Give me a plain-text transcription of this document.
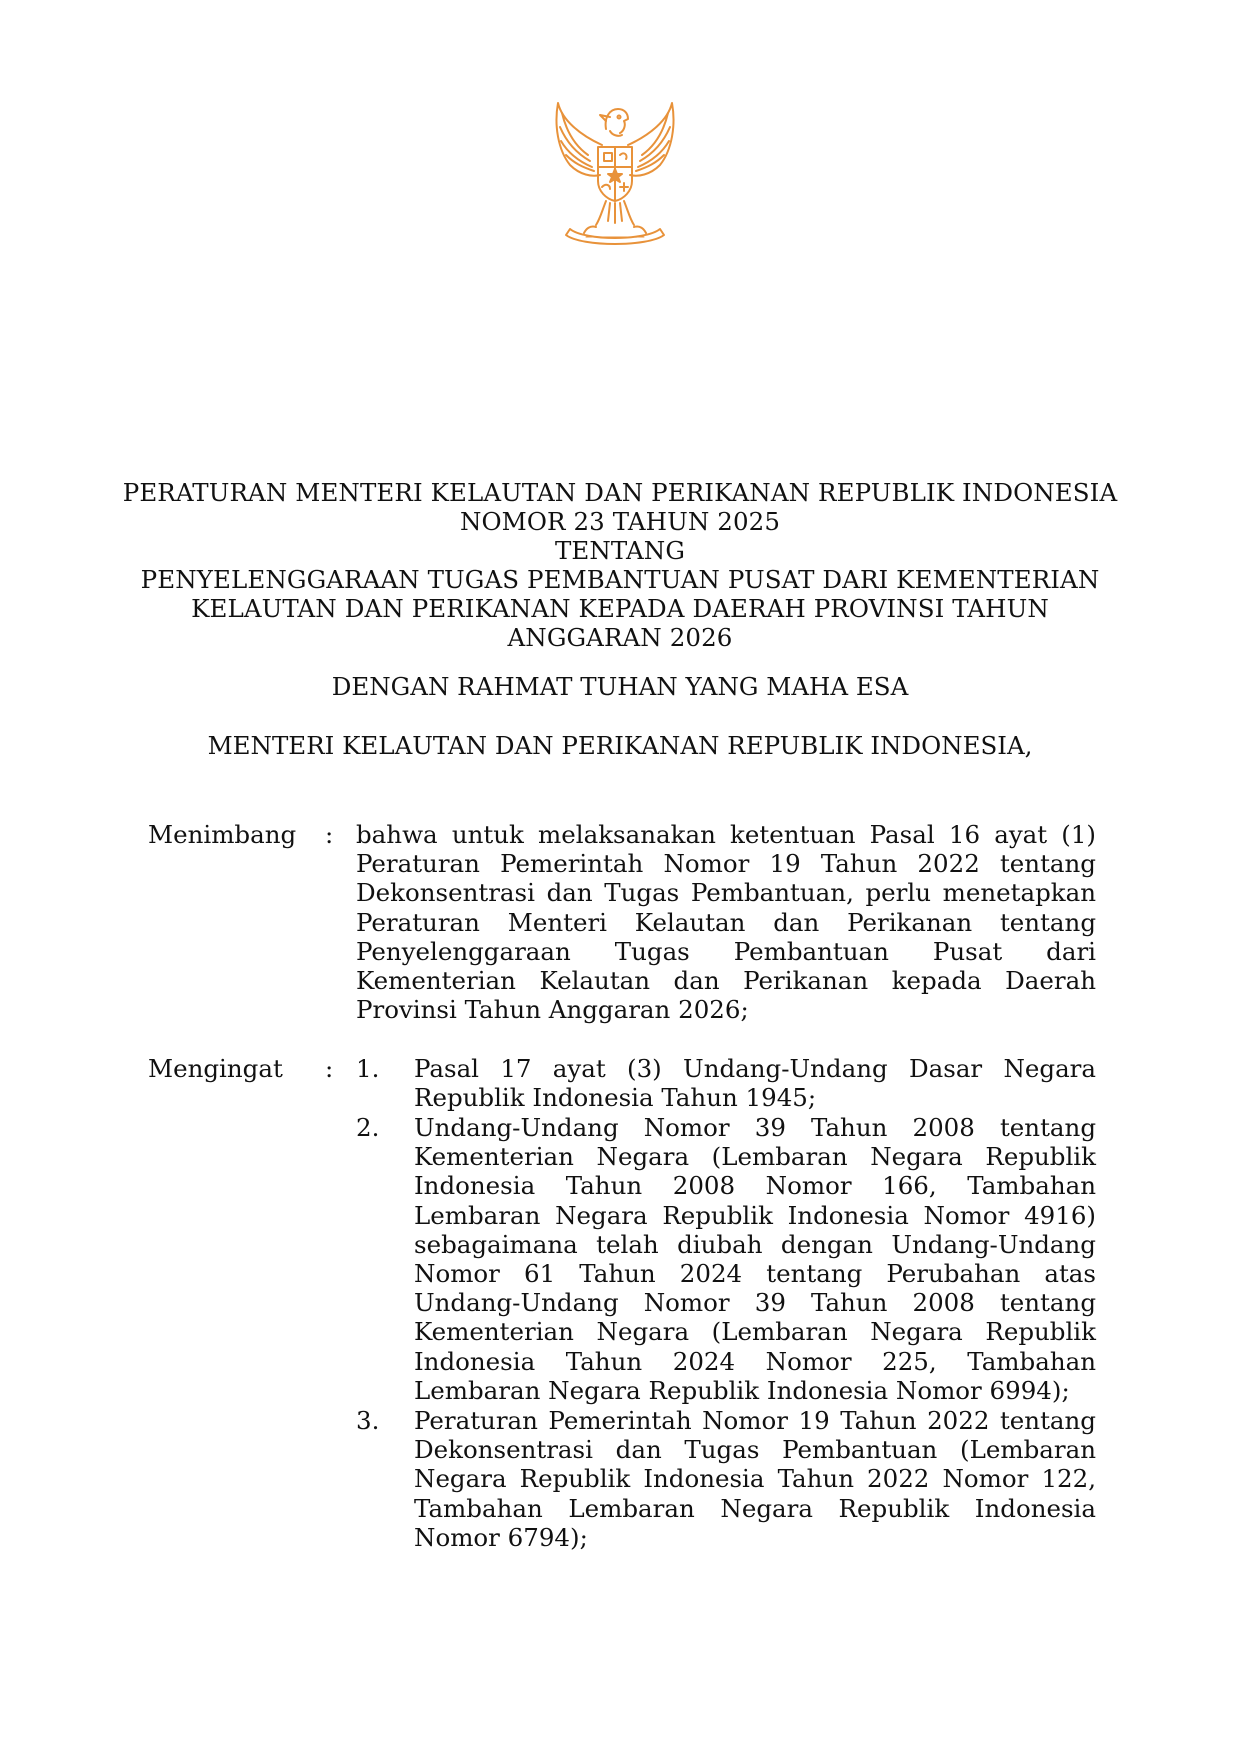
PERATURAN MENTERI KELAUTAN DAN PERIKANAN REPUBLIK INDONESIA
NOMOR 23 TAHUN 2025
TENTANG
PENYELENGGARAAN TUGAS PEMBANTUAN PUSAT DARI KEMENTERIAN
KELAUTAN DAN PERIKANAN KEPADA DAERAH PROVINSI TAHUN
ANGGARAN 2026
DENGAN RAHMAT TUHAN YANG MAHA ESA
MENTERI KELAUTAN DAN PERIKANAN REPUBLIK INDONESIA,
Menimbang : bahwa untuk melaksanakan ketentuan Pasal 16 ayat (1) Peraturan Pemerintah Nomor 19 Tahun 2022 tentang Dekonsentrasi dan Tugas Pembantuan, perlu menetapkan Peraturan Menteri Kelautan dan Perikanan tentang Penyelenggaraan Tugas Pembantuan Pusat dari Kementerian Kelautan dan Perikanan kepada Daerah Provinsi Tahun Anggaran 2026;
Mengingat : 1. Pasal 17 ayat (3) Undang-Undang Dasar Negara Republik Indonesia Tahun 1945;
2. Undang-Undang Nomor 39 Tahun 2008 tentang Kementerian Negara (Lembaran Negara Republik Indonesia Tahun 2008 Nomor 166, Tambahan Lembaran Negara Republik Indonesia Nomor 4916) sebagaimana telah diubah dengan Undang-Undang Nomor 61 Tahun 2024 tentang Perubahan atas Undang-Undang Nomor 39 Tahun 2008 tentang Kementerian Negara (Lembaran Negara Republik Indonesia Tahun 2024 Nomor 225, Tambahan Lembaran Negara Republik Indonesia Nomor 6994);
3. Peraturan Pemerintah Nomor 19 Tahun 2022 tentang Dekonsentrasi dan Tugas Pembantuan (Lembaran Negara Republik Indonesia Tahun 2022 Nomor 122, Tambahan Lembaran Negara Republik Indonesia Nomor 6794);
